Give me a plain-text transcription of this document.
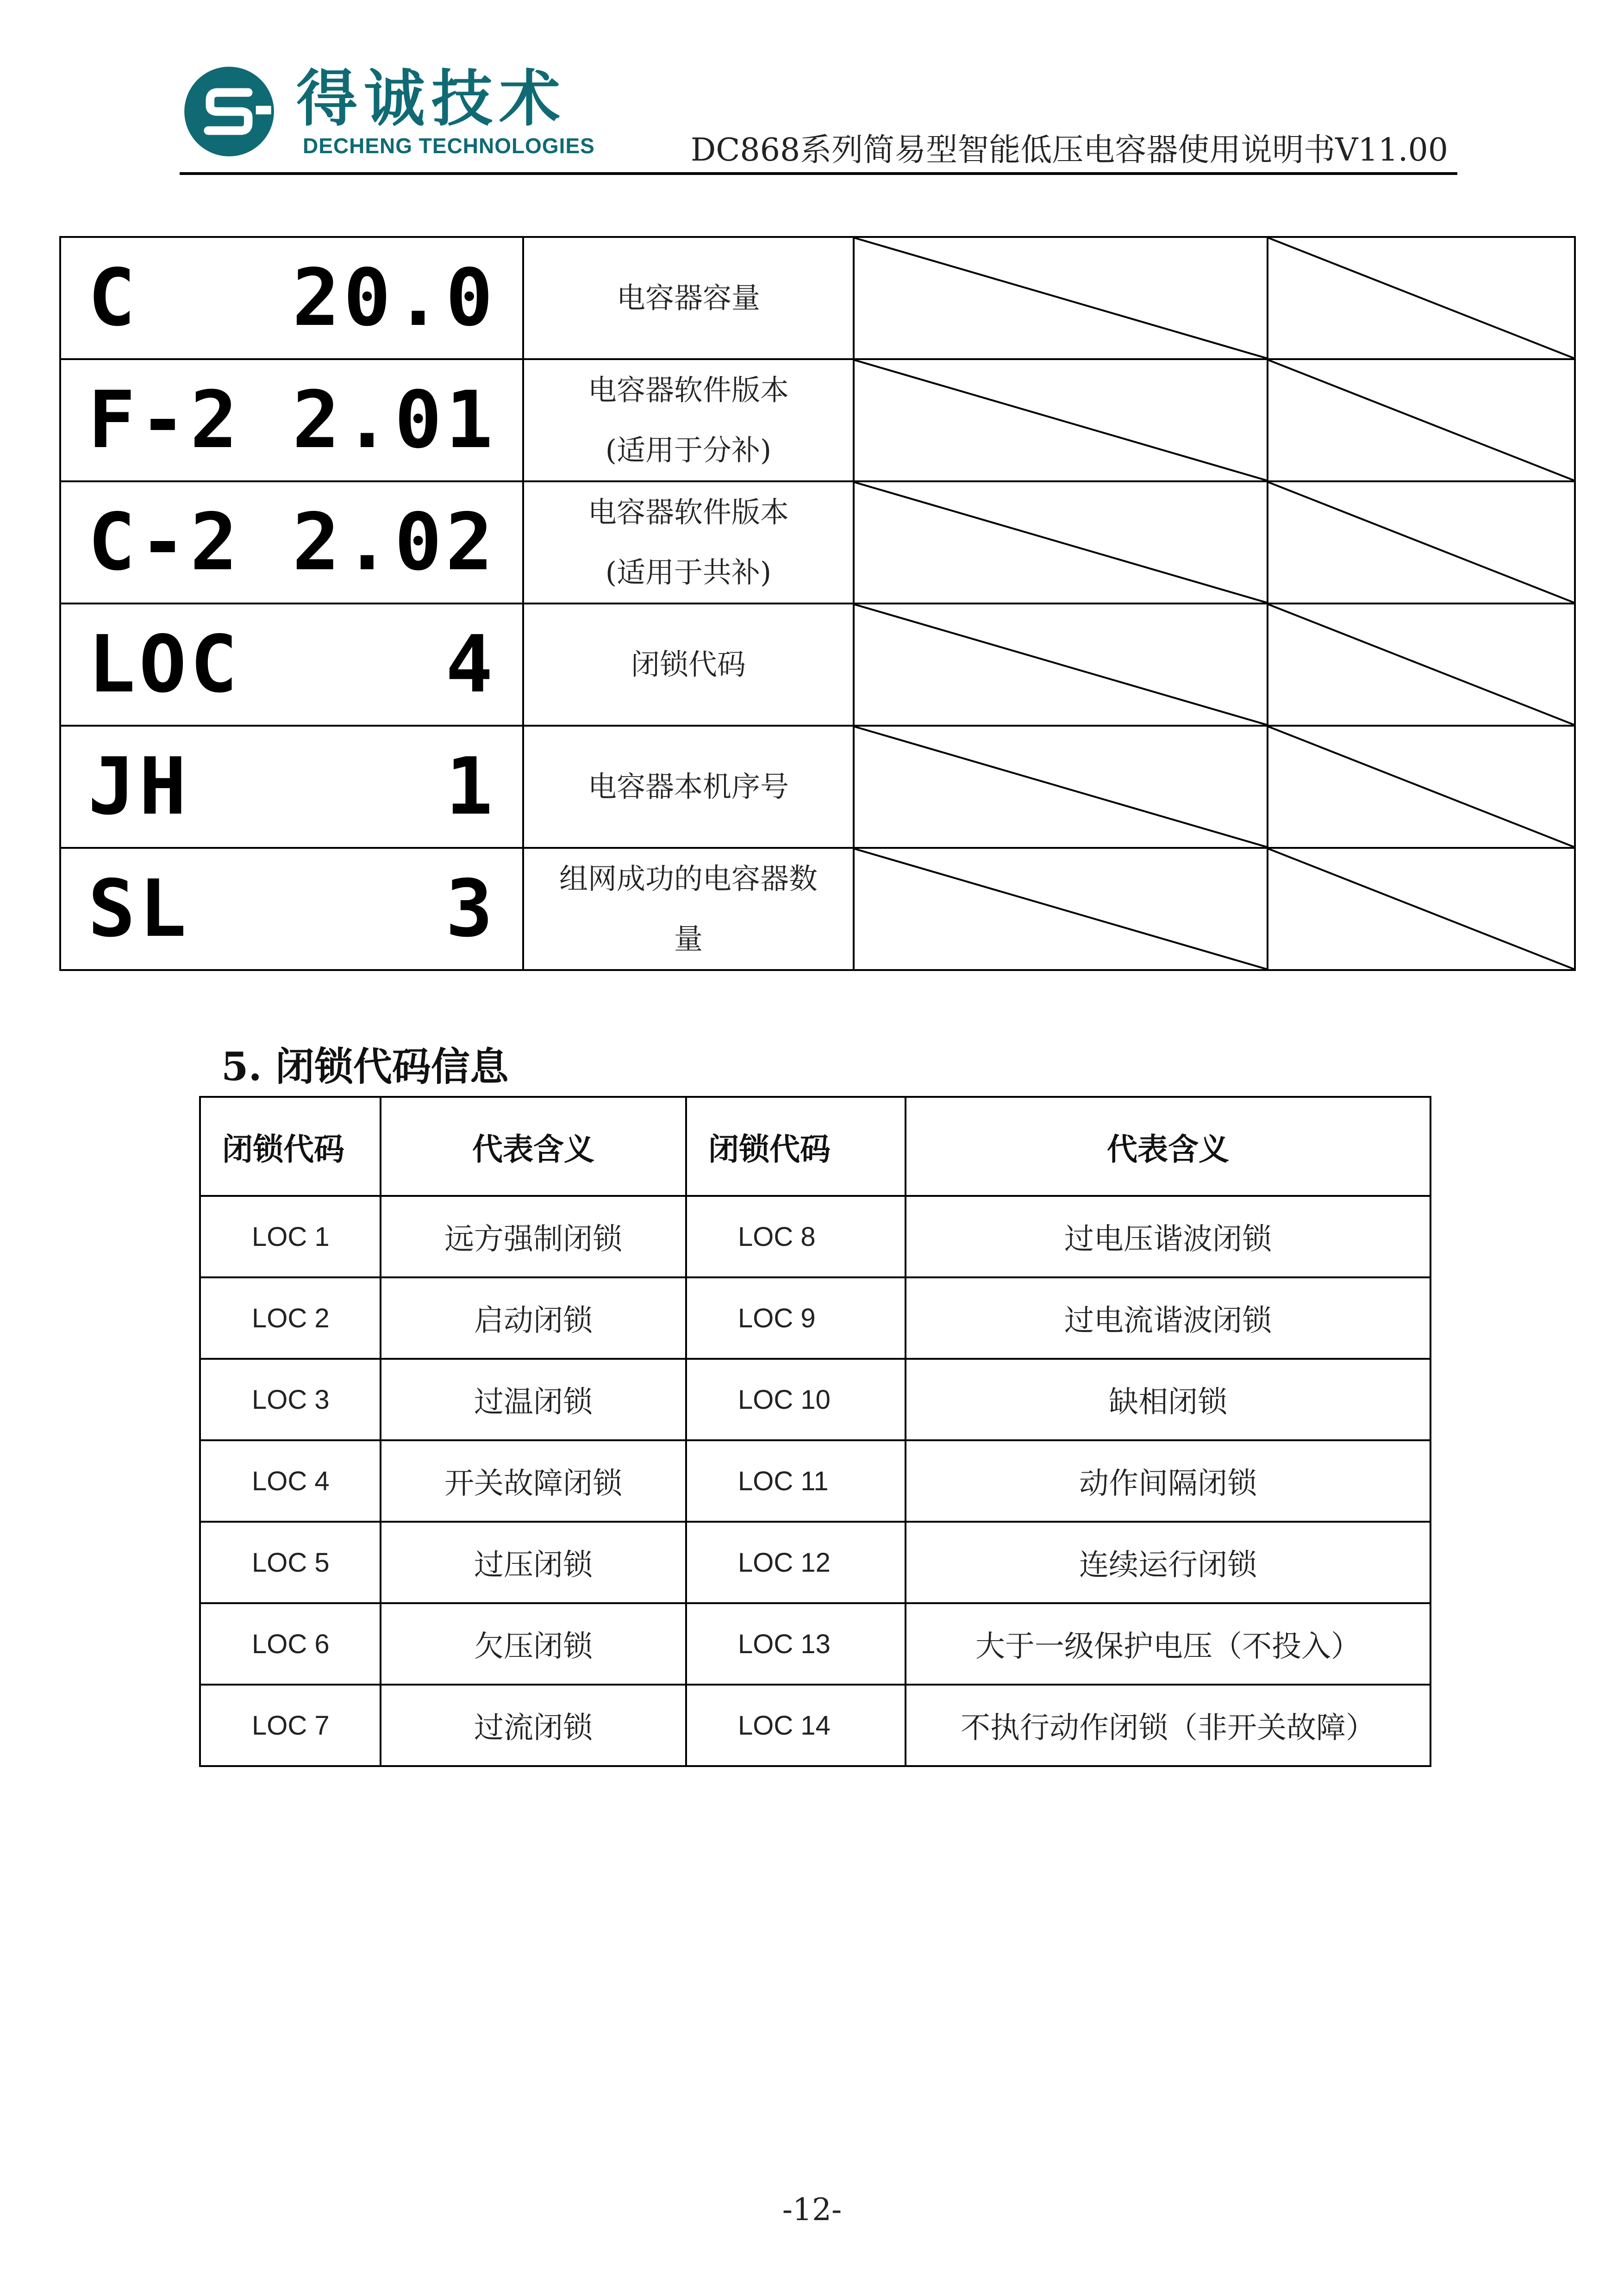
得诚技术
DECHENG TECHNOLOGIES	DC868系列简易型智能低压电容器使用说明书V11.00
C 20.0	电容器容量

F-2 2.01	电容器软件版本
(适用于分补)

C-2 2.02	电容器软件版本
(适用于共补)

LOC 4	闭锁代码

JH 1	电容器本机序号

SL 3	组网成功的电容器数
量

5. 闭锁代码信息
闭锁代码	代表含义	闭锁代码	代表含义
LOC 1	远方强制闭锁	LOC 8	过电压谐波闭锁
LOC 2	启动闭锁	LOC 9	过电流谐波闭锁
LOC 3	过温闭锁	LOC 10	缺相闭锁
LOC 4	开关故障闭锁	LOC 11	动作间隔闭锁
LOC 5	过压闭锁	LOC 12	连续运行闭锁
LOC 6	欠压闭锁	LOC 13	大于一级保护电压（不投入）
LOC 7	过流闭锁	LOC 14	不执行动作闭锁（非开关故障）
-12-
